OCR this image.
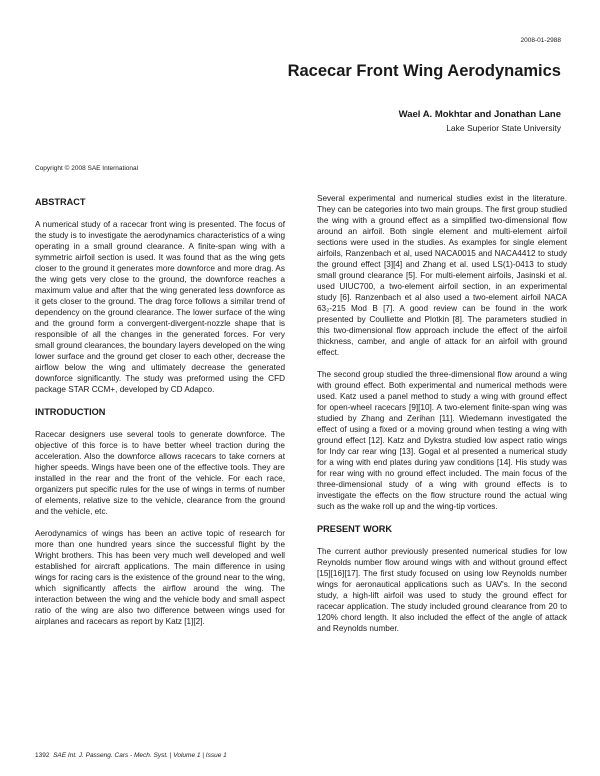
2008-01-2988
Racecar Front Wing Aerodynamics
Wael A. Mokhtar and Jonathan Lane
Lake Superior State University
Copyright © 2008 SAE International
ABSTRACT

A numerical study of a racecar front wing is presented. The focus of the study is to investigate the aerodynamics characteristics of a wing operating in a small ground clearance. A finite-span wing with a symmetric airfoil section is used. It was found that as the wing gets closer to the ground it generates more downforce and more drag. As the wing gets very close to the ground, the downforce reaches a maximum value and after that the wing generated less downforce as it gets closer to the ground. The drag force follows a similar trend of dependency on the ground clearance. The lower surface of the wing and the ground form a convergent-divergent-nozzle shape that is responsible of all the changes in the generated forces. For very small ground clearances, the boundary layers developed on the wing lower surface and the ground get closer to each other, decrease the airflow below the wing and ultimately decrease the generated downforce significantly. The study was preformed using the CFD package STAR CCM+, developed by CD Adapco.

INTRODUCTION

Racecar designers use several tools to generate downforce. The objective of this force is to have better wheel traction during the acceleration. Also the downforce allows racecars to take corners at higher speeds. Wings have been one of the effective tools. They are installed in the rear and the front of the vehicle. For each race, organizers put specific rules for the use of wings in terms of number of elements, relative size to the vehicle, clearance from the ground and the vehicle, etc.

Aerodynamics of wings has been an active topic of research for more than one hundred years since the successful flight by the Wright brothers. This has been very much well developed and well established for aircraft applications. The main difference in using wings for racing cars is the existence of the ground near to the wing, which significantly affects the airflow around the wing. The interaction between the wing and the vehicle body and small aspect ratio of the wing are also two difference between wings used for airplanes and racecars as report by Katz [1][2].

Several experimental and numerical studies exist in the literature. They can be categories into two main groups. The first group studied the wing with a ground effect as a simplified two-dimensional flow around an airfoil. Both single element and multi-element airfoil sections were used in the studies. As examples for single element airfoils, Ranzenbach et al, used NACA0015 and NACA4412 to study the ground effect [3][4] and Zhang et al. used LS(1)-0413 to study small ground clearance [5]. For multi-element airfoils, Jasinski et al. used UIUC700, a two-element airfoil section, in an experimental study [6]. Ranzenbach et al also used a two-element airfoil NACA 63₂-215 Mod B [7]. A good review can be found in the work presented by Coulliette and Plotkin [8]. The parameters studied in this two-dimensional flow approach include the effect of the airfoil thickness, camber, and angle of attack for an airfoil with ground effect.

The second group studied the three-dimensional flow around a wing with ground effect. Both experimental and numerical methods were used. Katz used a panel method to study a wing with ground effect for open-wheel racecars [9][10]. A two-element finite-span wing was studied by Zhang and Zerihan [11]. Wiedemann investigated the effect of using a fixed or a moving ground when testing a wing with ground effect [12]. Katz and Dykstra studied low aspect ratio wings for Indy car rear wing [13]. Gogal et al presented a numerical study for a wing with end plates during yaw conditions [14]. His study was for rear wing with no ground effect included. The main focus of the three-dimensional study of a wing with ground effects is to investigate the effects on the flow structure round the actual wing such as the wake roll up and the wing-tip vortices.

PRESENT WORK

The current author previously presented numerical studies for low Reynolds number flow around wings with and without ground effect [15][16][17]. The first study focused on using low Reynolds number wings for aeronautical applications such as UAV's. In the second study, a high-lift airfoil was used to study the ground effect for racecar application. The study included ground clearance from 20 to 120% chord length. It also included the effect of the angle of attack and Reynolds number.

1392 SAE Int. J. Passeng. Cars - Mech. Syst. | Volume 1 | Issue 1
